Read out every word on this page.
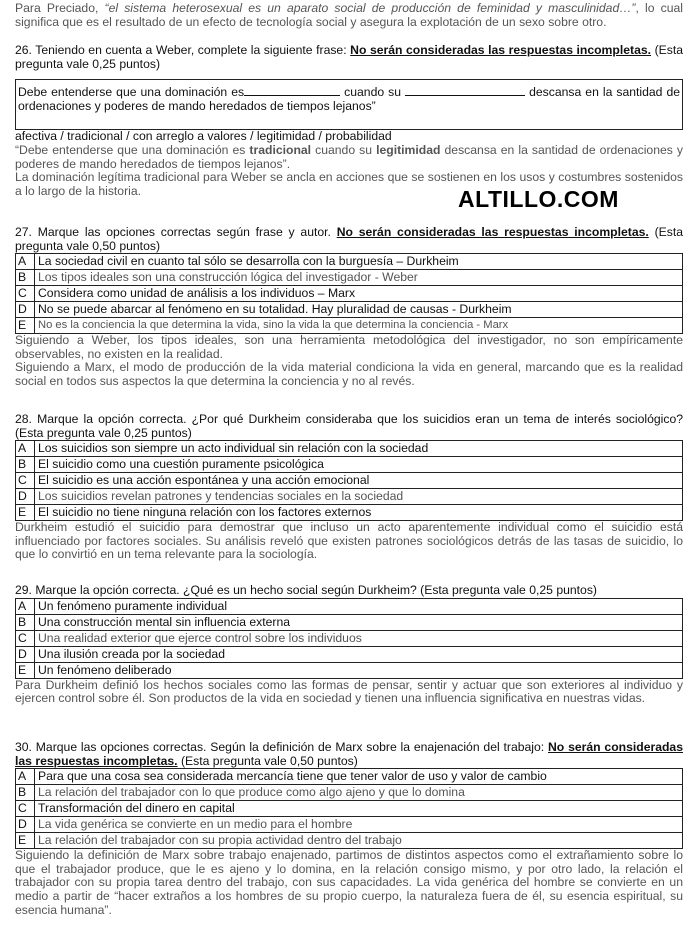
Para Preciado, “el sistema heterosexual es un aparato social de producción de feminidad y masculinidad…”, lo cual significa que es el resultado de un efecto de tecnología social y asegura la explotación de un sexo sobre otro.

26. Teniendo en cuenta a Weber, complete la siguiente frase: No serán consideradas las respuestas incompletas. (Esta pregunta vale 0,25 puntos)

Debe entenderse que una dominación es	cuando su	descansa en la santidad de ordenaciones y poderes de mando heredados de tiempos lejanos”

afectiva / tradicional / con arreglo a valores / legitimidad / probabilidad

“Debe entenderse que una dominación es tradicional cuando su legitimidad descansa en la santidad de ordenaciones y poderes de mando heredados de tiempos lejanos”.

La dominación legítima tradicional para Weber se ancla en acciones que se sostienen en los usos y costumbres sostenidos a lo largo de la historia.

27. Marque las opciones correctas según frase y autor. No serán consideradas las respuestas incompletas. (Esta pregunta vale 0,50 puntos)

A	La sociedad civil en cuanto tal sólo se desarrolla con la burguesía – Durkheim
B	Los tipos ideales son una construcción lógica del investigador - Weber
C	Considera como unidad de análisis a los individuos – Marx
D	No se puede abarcar al fenómeno en su totalidad. Hay pluralidad de causas - Durkheim
E	No es la conciencia la que determina la vida, sino la vida la que determina la conciencia - Marx

Siguiendo a Weber, los tipos ideales, son una herramienta metodológica del investigador, no son empíricamente observables, no existen en la realidad.

Siguiendo a Marx, el modo de producción de la vida material condiciona la vida en general, marcando que es la realidad social en todos sus aspectos la que determina la conciencia y no al revés.

28. Marque la opción correcta. ¿Por qué Durkheim consideraba que los suicidios eran un tema de interés sociológico? (Esta pregunta vale 0,25 puntos)

A	Los suicidios son siempre un acto individual sin relación con la sociedad
B	El suicidio como una cuestión puramente psicológica
C	El suicidio es una acción espontánea y una acción emocional
D	Los suicidios revelan patrones y tendencias sociales en la sociedad
E	El suicidio no tiene ninguna relación con los factores externos

Durkheim estudió el suicidio para demostrar que incluso un acto aparentemente individual como el suicidio está influenciado por factores sociales. Su análisis reveló que existen patrones sociológicos detrás de las tasas de suicidio, lo que lo convirtió en un tema relevante para la sociología.

29. Marque la opción correcta. ¿Qué es un hecho social según Durkheim? (Esta pregunta vale 0,25 puntos)

A	Un fenómeno puramente individual
B	Una construcción mental sin influencia externa
C	Una realidad exterior que ejerce control sobre los individuos
D	Una ilusión creada por la sociedad
E	Un fenómeno deliberado

Para Durkheim definió los hechos sociales como las formas de pensar, sentir y actuar que son exteriores al individuo y ejercen control sobre él. Son productos de la vida en sociedad y tienen una influencia significativa en nuestras vidas.

30. Marque las opciones correctas. Según la definición de Marx sobre la enajenación del trabajo: No serán consideradas las respuestas incompletas. (Esta pregunta vale 0,50 puntos)

A	Para que una cosa sea considerada mercancía tiene que tener valor de uso y valor de cambio
B	La relación del trabajador con lo que produce como algo ajeno y que lo domina
C	Transformación del dinero en capital
D	La vida genérica se convierte en un medio para el hombre
E	La relación del trabajador con su propia actividad dentro del trabajo

Siguiendo la definición de Marx sobre trabajo enajenado, partimos de distintos aspectos como el extrañamiento sobre lo que el trabajador produce, que le es ajeno y lo domina, en la relación consigo mismo, y por otro lado, la relación el trabajador con su propia tarea dentro del trabajo, con sus capacidades. La vida genérica del hombre se convierte en un medio a partir de “hacer extraños a los hombres de su propio cuerpo, la naturaleza fuera de él, su esencia espiritual, su esencia humana”.

ALTILLO.COM
